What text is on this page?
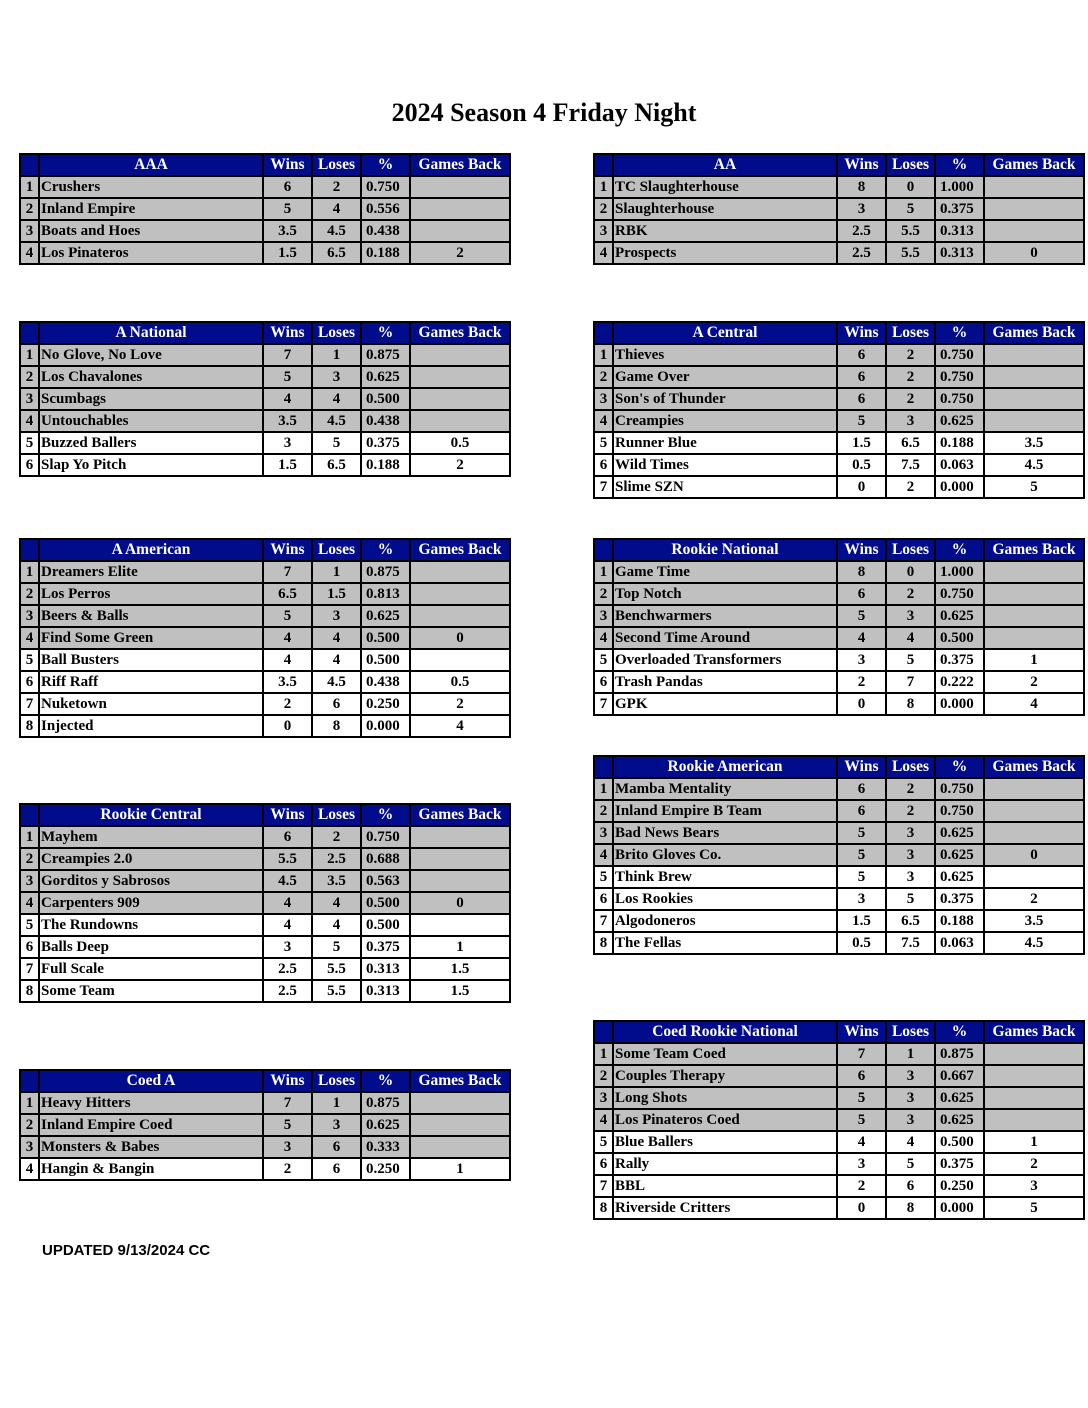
2024 Season 4 Friday Night
	AAA	Wins	Loses	%	Games Back
1	Crushers	6	2	0.750	
2	Inland Empire	5	4	0.556	
3	Boats and Hoes	3.5	4.5	0.438	
4	Los Pinateros	1.5	6.5	0.188	2
	A National	Wins	Loses	%	Games Back
1	No Glove, No Love	7	1	0.875	
2	Los Chavalones	5	3	0.625	
3	Scumbags	4	4	0.500	
4	Untouchables	3.5	4.5	0.438	
5	Buzzed Ballers	3	5	0.375	0.5
6	Slap Yo Pitch	1.5	6.5	0.188	2
	A American	Wins	Loses	%	Games Back
1	Dreamers Elite	7	1	0.875	
2	Los Perros	6.5	1.5	0.813	
3	Beers & Balls	5	3	0.625	
4	Find Some Green	4	4	0.500	0
5	Ball Busters	4	4	0.500	
6	Riff Raff	3.5	4.5	0.438	0.5
7	Nuketown	2	6	0.250	2
8	Injected	0	8	0.000	4
	Rookie Central	Wins	Loses	%	Games Back
1	Mayhem	6	2	0.750	
2	Creampies 2.0	5.5	2.5	0.688	
3	Gorditos y Sabrosos	4.5	3.5	0.563	
4	Carpenters 909	4	4	0.500	0
5	The Rundowns	4	4	0.500	
6	Balls Deep	3	5	0.375	1
7	Full Scale	2.5	5.5	0.313	1.5
8	Some Team	2.5	5.5	0.313	1.5
	Coed A	Wins	Loses	%	Games Back
1	Heavy Hitters	7	1	0.875	
2	Inland Empire Coed	5	3	0.625	
3	Monsters & Babes	3	6	0.333	
4	Hangin & Bangin	2	6	0.250	1
	AA	Wins	Loses	%	Games Back
1	TC Slaughterhouse	8	0	1.000	
2	Slaughterhouse	3	5	0.375	
3	RBK	2.5	5.5	0.313	
4	Prospects	2.5	5.5	0.313	0
	A Central	Wins	Loses	%	Games Back
1	Thieves	6	2	0.750	
2	Game Over	6	2	0.750	
3	Son's of Thunder	6	2	0.750	
4	Creampies	5	3	0.625	
5	Runner Blue	1.5	6.5	0.188	3.5
6	Wild Times	0.5	7.5	0.063	4.5
7	Slime SZN	0	2	0.000	5
	Rookie National	Wins	Loses	%	Games Back
1	Game Time	8	0	1.000	
2	Top Notch	6	2	0.750	
3	Benchwarmers	5	3	0.625	
4	Second Time Around	4	4	0.500	
5	Overloaded Transformers	3	5	0.375	1
6	Trash Pandas	2	7	0.222	2
7	GPK	0	8	0.000	4
	Rookie American	Wins	Loses	%	Games Back
1	Mamba Mentality	6	2	0.750	
2	Inland Empire B Team	6	2	0.750	
3	Bad News Bears	5	3	0.625	
4	Brito Gloves Co.	5	3	0.625	0
5	Think Brew	5	3	0.625	
6	Los Rookies	3	5	0.375	2
7	Algodoneros	1.5	6.5	0.188	3.5
8	The Fellas	0.5	7.5	0.063	4.5
	Coed Rookie National	Wins	Loses	%	Games Back
1	Some Team Coed	7	1	0.875	
2	Couples Therapy	6	3	0.667	
3	Long Shots	5	3	0.625	
4	Los Pinateros Coed	5	3	0.625	
5	Blue Ballers	4	4	0.500	1
6	Rally	3	5	0.375	2
7	BBL	2	6	0.250	3
8	Riverside Critters	0	8	0.000	5
UPDATED 9/13/2024 CC
